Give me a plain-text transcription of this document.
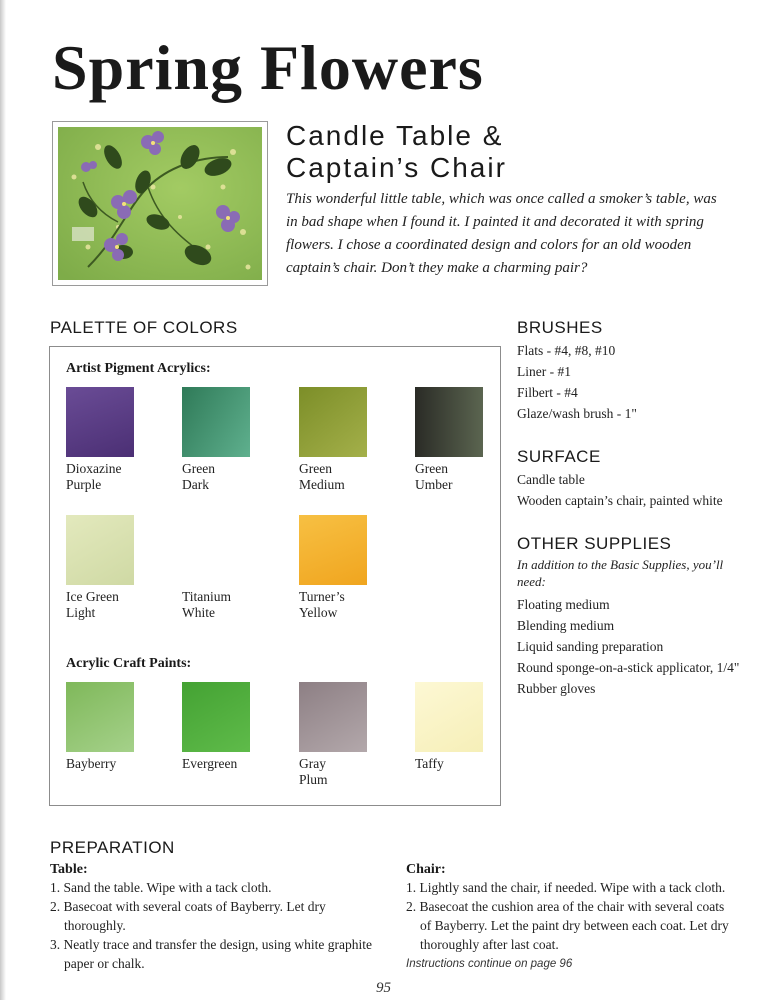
Spring Flowers
Candle Table &
Captain’s Chair

This wonderful little table, which was once called a smoker’s table, was in bad shape when I found it. I painted it and decorated it with spring flowers. I chose a coordinated design and colors for an old wooden captain’s chair. Don’t they make a charming pair?

PALETTE OF COLORS
Artist Pigment Acrylics:
Dioxazine
Purple
Green
Dark
Green
Medium
Green
Umber
Ice Green
Light
Titanium
White
Turner’s
Yellow
Acrylic Craft Paints:
Bayberry	Evergreen	Gray
Plum
Taffy
BRUSHES
Flats - #4, #8, #10
Liner - #1
Filbert - #4
Glaze/wash brush - 1"
SURFACE
Candle table
Wooden captain’s chair, painted white
OTHER SUPPLIES
In addition to the Basic Supplies, you’ll need:
Floating medium
Blending medium
Liquid sanding preparation
Round sponge-on-a-stick applicator, 1/4"
Rubber gloves
PREPARATION
Table:
1. Sand the table. Wipe with a tack cloth.
2. Basecoat with several coats of Bayberry. Let dry thoroughly.
3. Neatly trace and transfer the design, using white graphite paper or chalk.
Chair:
1. Lightly sand the chair, if needed. Wipe with a tack cloth.
2. Basecoat the cushion area of the chair with several coats of Bayberry. Let the paint dry between each coat. Let dry thoroughly after last coat.
Instructions continue on page 96
95
